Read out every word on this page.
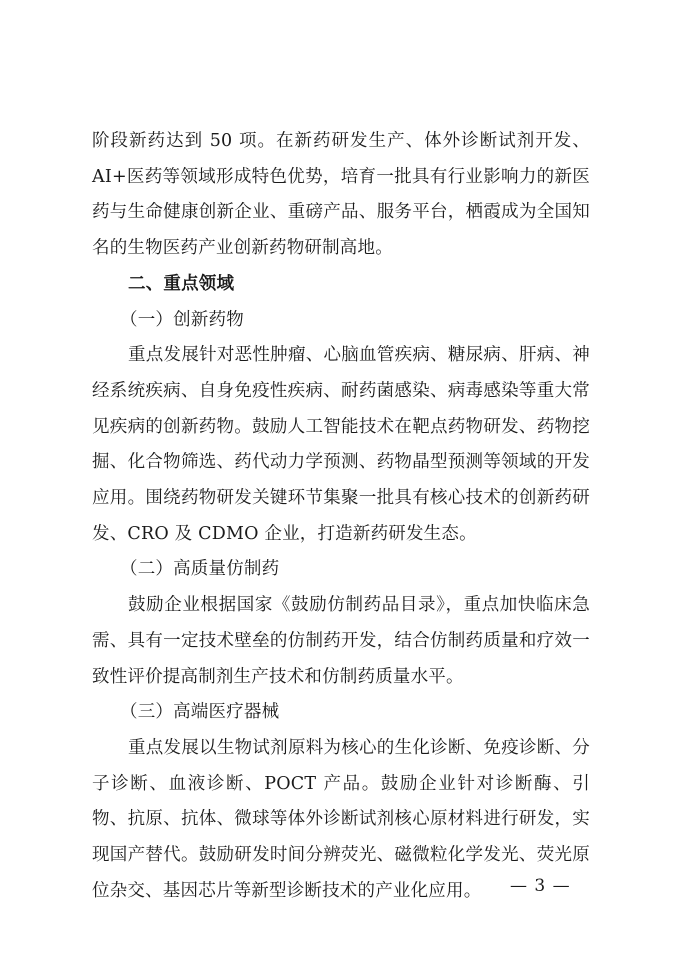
阶段新药达到 50 项。在新药研发生产、体外诊断试剂开发、AI+医药等领域形成特色优势，培育一批具有行业影响力的新医药与生命健康创新企业、重磅产品、服务平台，栖霞成为全国知名的生物医药产业创新药物研制高地。

二、重点领域

（一）创新药物

重点发展针对恶性肿瘤、心脑血管疾病、糖尿病、肝病、神经系统疾病、自身免疫性疾病、耐药菌感染、病毒感染等重大常见疾病的创新药物。鼓励人工智能技术在靶点药物研发、药物挖掘、化合物筛选、药代动力学预测、药物晶型预测等领域的开发应用。围绕药物研发关键环节集聚一批具有核心技术的创新药研发、CRO 及 CDMO 企业，打造新药研发生态。

（二）高质量仿制药

鼓励企业根据国家《鼓励仿制药品目录》，重点加快临床急需、具有一定技术壁垒的仿制药开发，结合仿制药质量和疗效一致性评价提高制剂生产技术和仿制药质量水平。

（三）高端医疗器械

重点发展以生物试剂原料为核心的生化诊断、免疫诊断、分子诊断、血液诊断、POCT 产品。鼓励企业针对诊断酶、引物、抗原、抗体、微球等体外诊断试剂核心原材料进行研发，实现国产替代。鼓励研发时间分辨荧光、磁微粒化学发光、荧光原位杂交、基因芯片等新型诊断技术的产业化应用。	— 3 —
